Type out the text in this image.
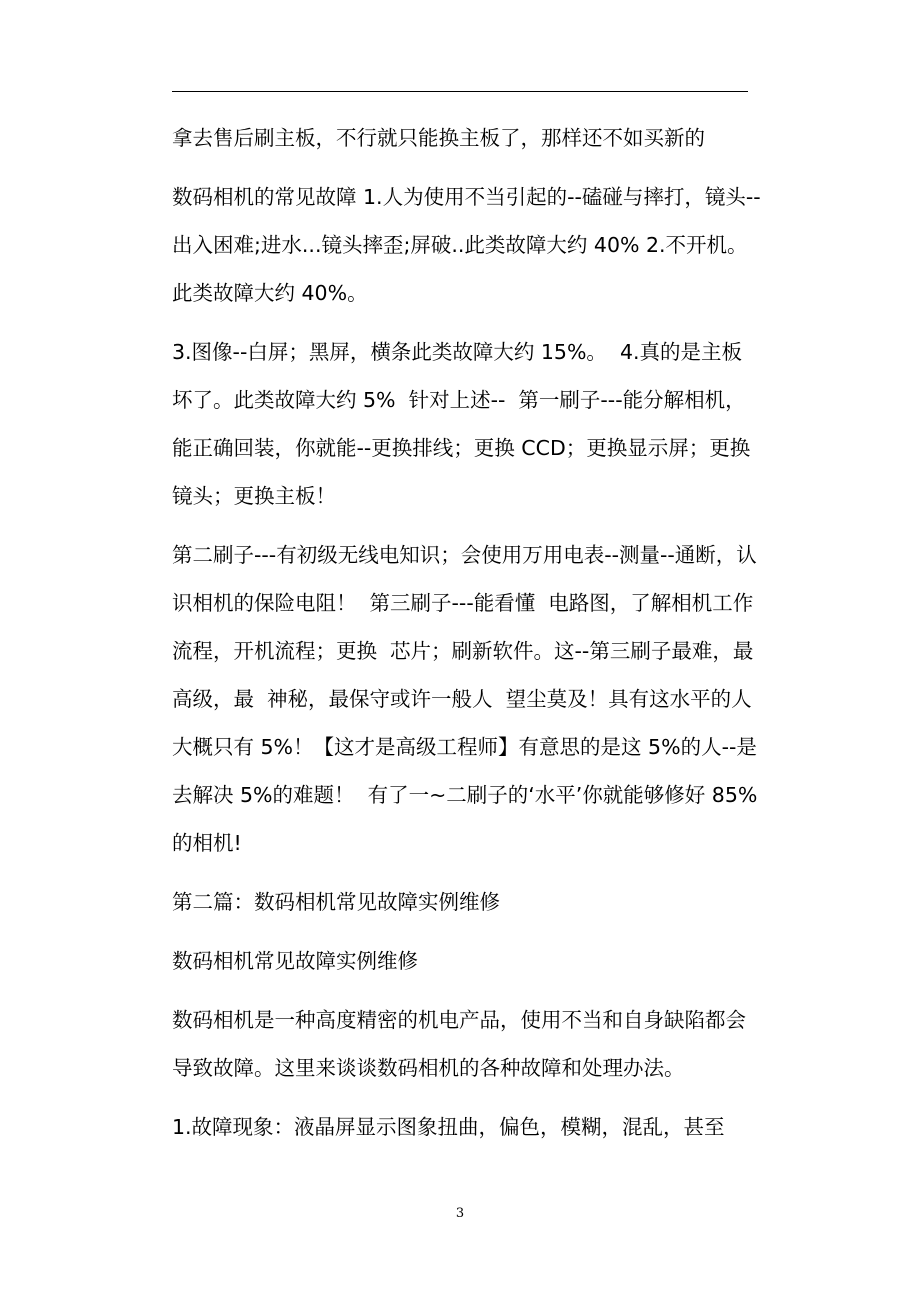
拿去售后刷主板，不行就只能换主板了，那样还不如买新的

数码相机的常见故障 1.人为使用不当引起的--磕碰与摔打，镜头--出入困难;进水...镜头摔歪;屏破..此类故障大约 40% 2.不开机。此类故障大约 40%。

3.图像--白屏；黑屏，横条此类故障大约 15%。  4.真的是主板坏了。此类故障大约 5%  针对上述--  第一刷子---能分解相机，能正确回装，你就能--更换排线；更换 CCD；更换显示屏；更换镜头；更换主板！

第二刷子---有初级无线电知识；会使用万用电表--测量--通断，认识相机的保险电阻！  第三刷子---能看懂  电路图，了解相机工作流程，开机流程；更换  芯片；刷新软件。这--第三刷子最难，最高级，最  神秘，最保守或许一般人  望尘莫及！具有这水平的人大概只有 5%！【这才是高级工程师】有意思的是这 5%的人--是去解决 5%的难题！  有了一~二刷子的‘水平’你就能够修好 85%的相机!

第二篇：数码相机常见故障实例维修

数码相机常见故障实例维修

数码相机是一种高度精密的机电产品，使用不当和自身缺陷都会导致故障。这里来谈谈数码相机的各种故障和处理办法。

1.故障现象：液晶屏显示图象扭曲，偏色，模糊，混乱，甚至

3
